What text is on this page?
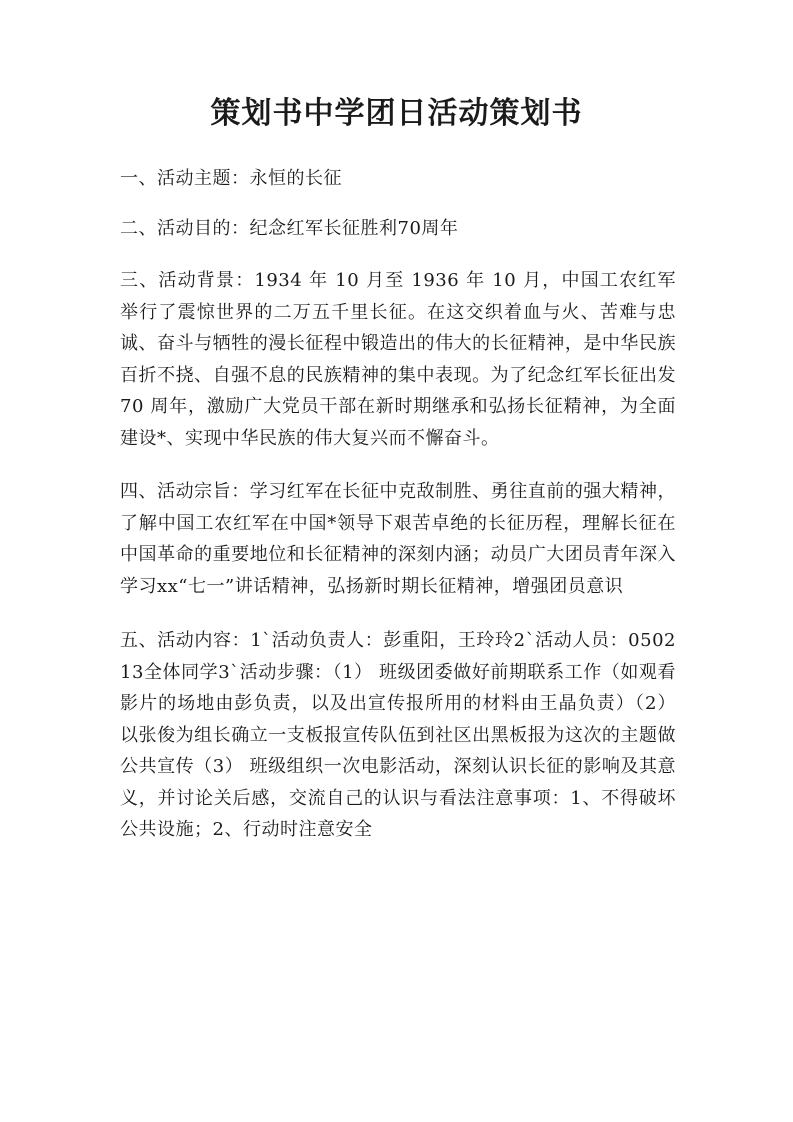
策划书中学团日活动策划书

一、活动主题：永恒的长征

二、活动目的：纪念红军长征胜利70周年

三、活动背景：1934 年 10 月至 1936 年 10 月，中国工农红军举行了震惊世界的二万五千里长征。在这交织着血与火、苦难与忠诚、奋斗与牺牲的漫长征程中锻造出的伟大的长征精神，是中华民族百折不挠、自强不息的民族精神的集中表现。为了纪念红军长征出发 70 周年，激励广大党员干部在新时期继承和弘扬长征精神，为全面建设*、实现中华民族的伟大复兴而不懈奋斗。

四、活动宗旨：学习红军在长征中克敌制胜、勇往直前的强大精神，了解中国工农红军在中国*领导下艰苦卓绝的长征历程，理解长征在中国革命的重要地位和长征精神的深刻内涵；动员广大团员青年深入学习xx“七一”讲话精神，弘扬新时期长征精神，增强团员意识

五、活动内容：1`活动负责人：彭重阳，王玲玲2`活动人员：050213全体同学3`活动步骤：（1） 班级团委做好前期联系工作（如观看影片的场地由彭负责，以及出宣传报所用的材料由王晶负责）（2） 以张俊为组长确立一支板报宣传队伍到社区出黑板报为这次的主题做公共宣传（3） 班级组织一次电影活动，深刻认识长征的影响及其意义，并讨论关后感，交流自己的认识与看法注意事项：1、不得破坏公共设施；2、行动时注意安全
